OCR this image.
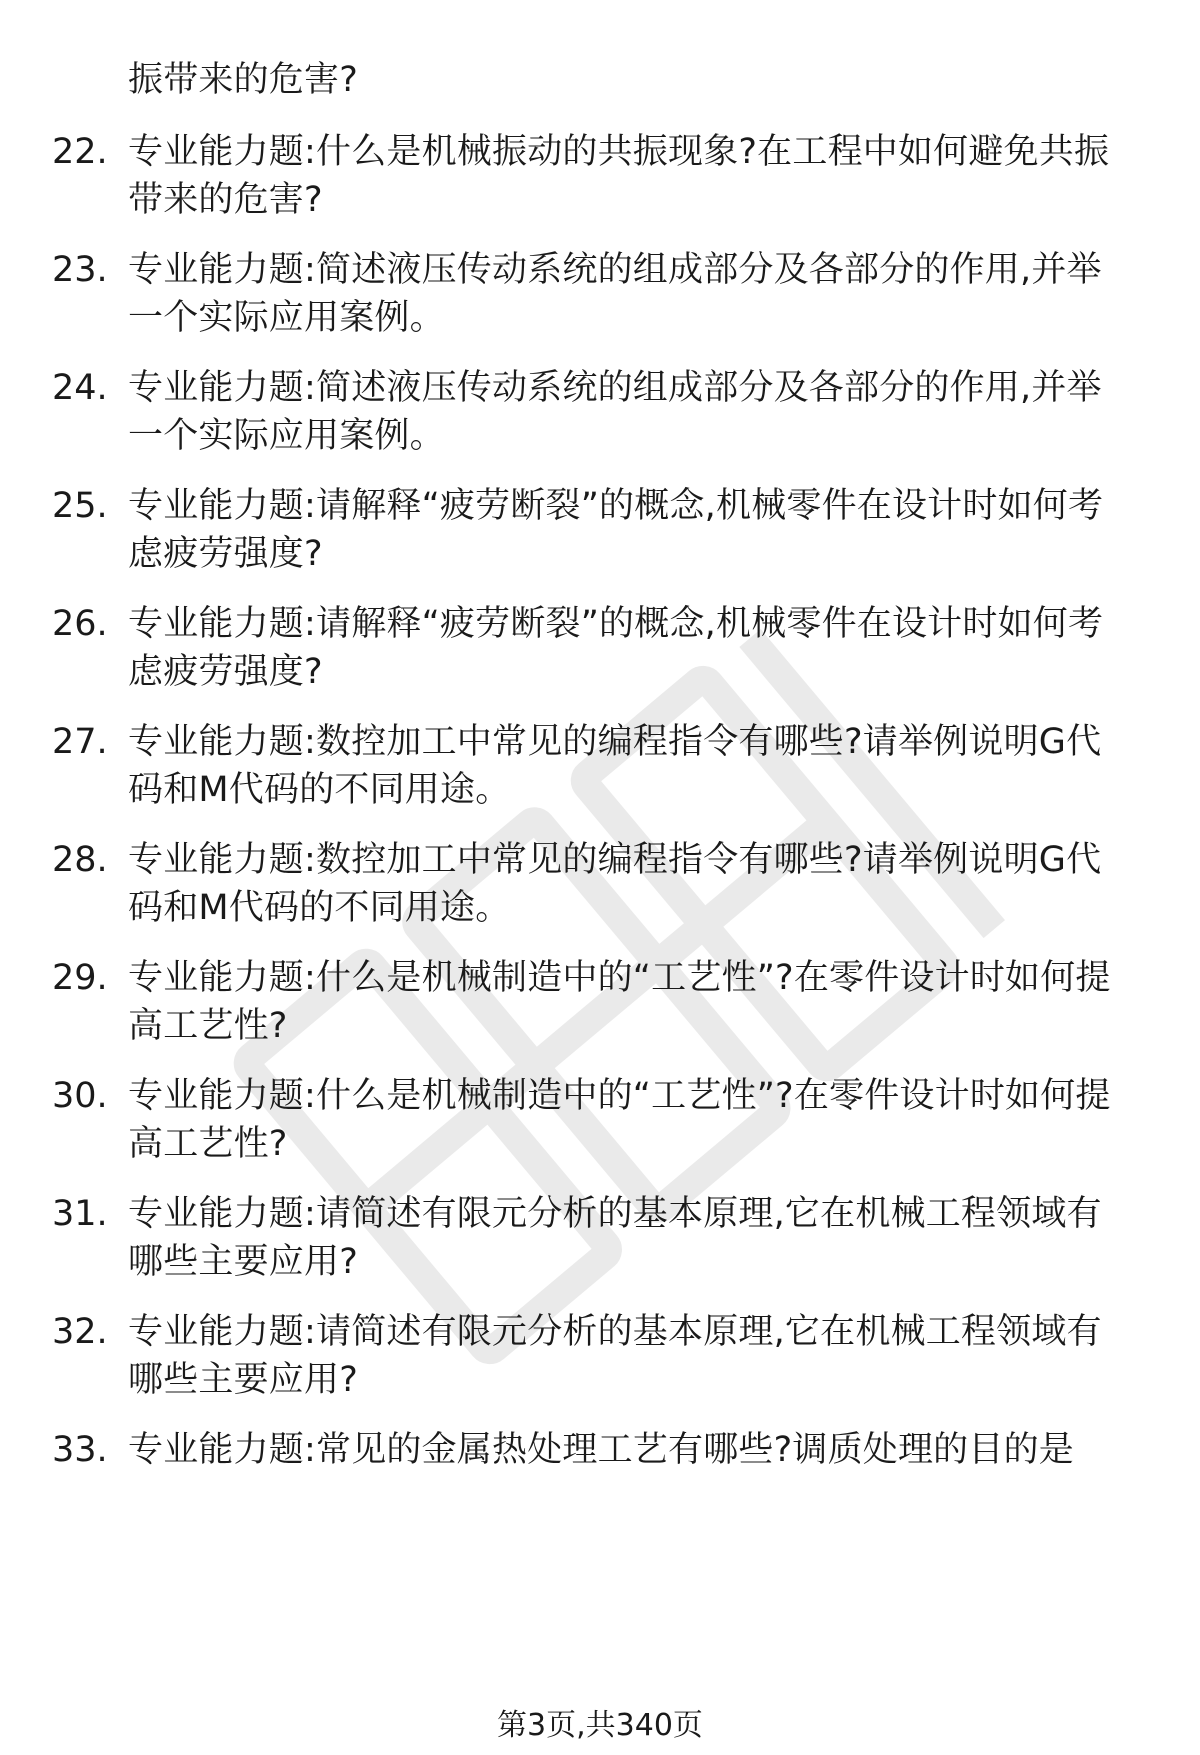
振带来的危害?
22. 专业能力题:什么是机械振动的共振现象?在工程中如何避免共振带来的危害?
23. 专业能力题:简述液压传动系统的组成部分及各部分的作用,并举一个实际应用案例。
24. 专业能力题:简述液压传动系统的组成部分及各部分的作用,并举一个实际应用案例。
25. 专业能力题:请解释“疲劳断裂”的概念,机械零件在设计时如何考虑疲劳强度?
26. 专业能力题:请解释“疲劳断裂”的概念,机械零件在设计时如何考虑疲劳强度?
27. 专业能力题:数控加工中常见的编程指令有哪些?请举例说明G代码和M代码的不同用途。
28. 专业能力题:数控加工中常见的编程指令有哪些?请举例说明G代码和M代码的不同用途。
29. 专业能力题:什么是机械制造中的“工艺性”?在零件设计时如何提高工艺性?
30. 专业能力题:什么是机械制造中的“工艺性”?在零件设计时如何提高工艺性?
31. 专业能力题:请简述有限元分析的基本原理,它在机械工程领域有哪些主要应用?
32. 专业能力题:请简述有限元分析的基本原理,它在机械工程领域有哪些主要应用?
33. 专业能力题:常见的金属热处理工艺有哪些?调质处理的目的是
第3页,共340页
